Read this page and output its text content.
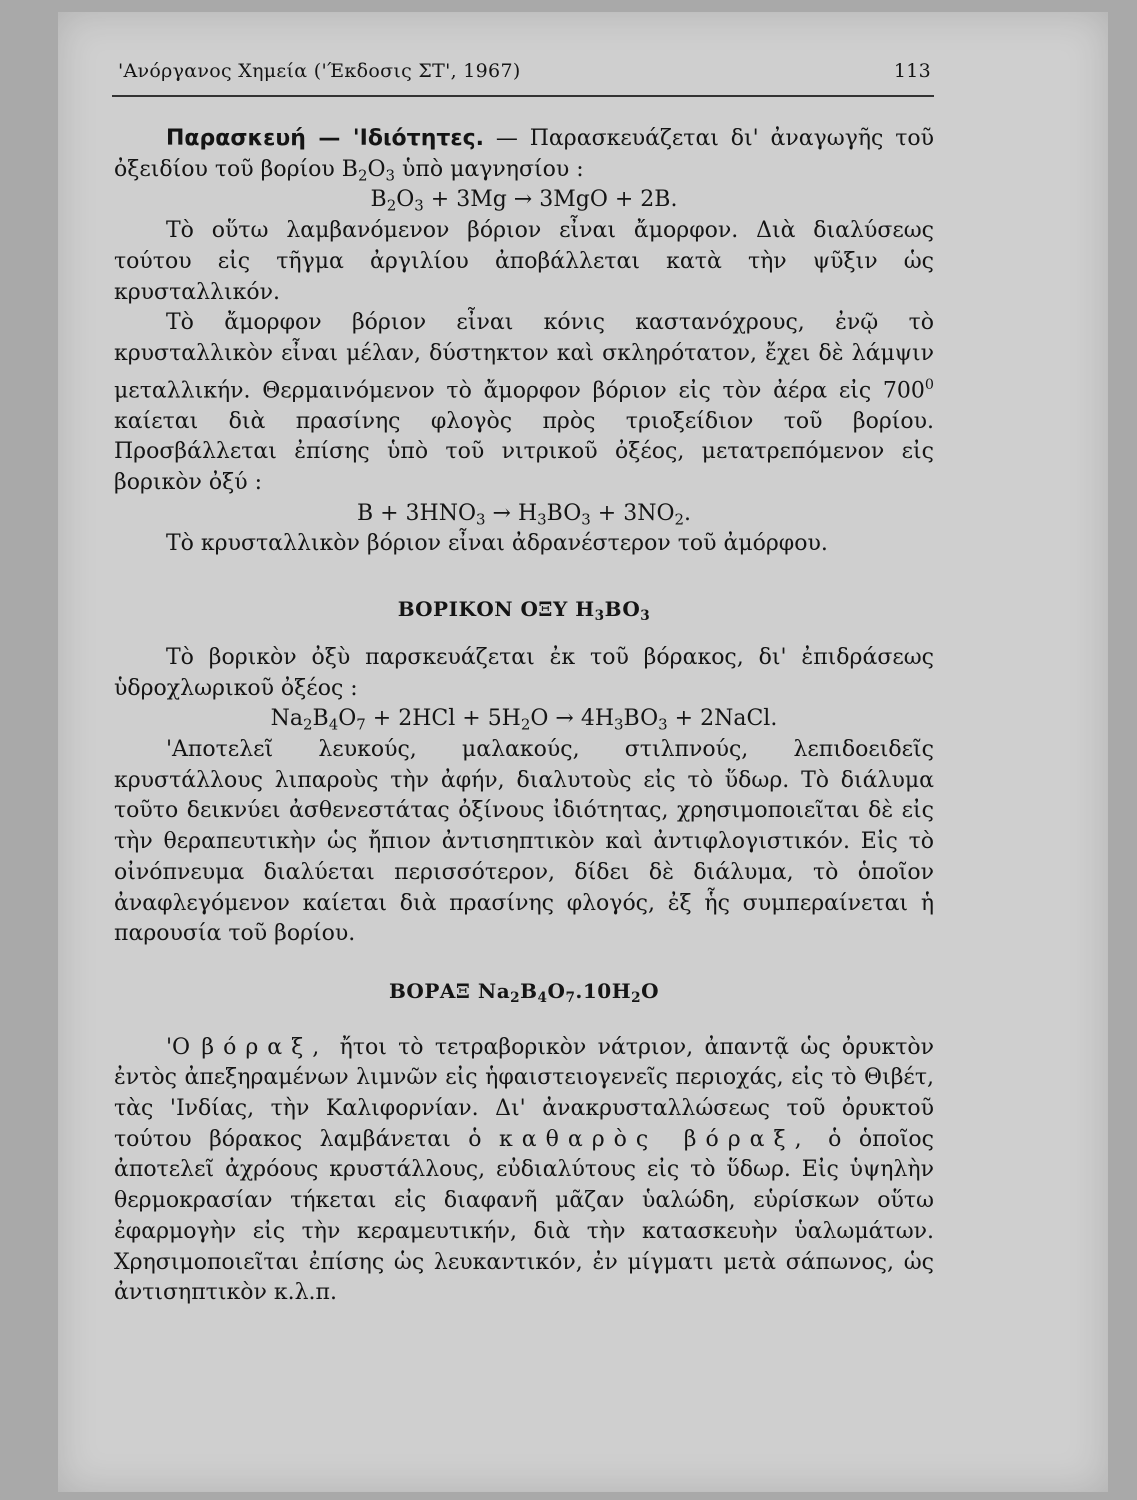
'Ανόργανος Χημεία ('Έκδοσις ΣΤ', 1967)	113

Παρασκευή — 'Ιδιότητες. — Παρασκευάζεται δι' ἀναγωγῆς τοῦ ὀξειδίου τοῦ βορίου $B_2O_3$ ὑπὸ μαγνησίου :

$B_2O_3 + 3Mg \to 3MgO + 2B$.

Τὸ οὕτω λαμβανόμενον βόριον εἶναι ἄμορφον. Διὰ διαλύσεως τούτου εἰς τῆγμα ἀργιλίου ἀποβάλλεται κατὰ τὴν ψῦξιν ὡς κρυσταλλικόν.

Τὸ ἄμορφον βόριον εἶναι κόνις καστανόχρους, ἐνῷ τὸ κρυσταλλικὸν εἶναι μέλαν, δύστηκτον καὶ σκληρότατον, ἔχει δὲ λάμψιν μεταλλικήν. Θερμαινόμενον τὸ ἄμορφον βόριον εἰς τὸν ἀέρα εἰς $700^0$ καίεται διὰ πρασίνης φλογὸς πρὸς τριοξείδιον τοῦ βορίου. Προσβάλλεται ἐπίσης ὑπὸ τοῦ νιτρικοῦ ὀξέος, μετατρεπόμενον εἰς βορικὸν ὀξύ :

$B + 3HNO_3 \to H_3BO_3 + 3NO_2$.

Τὸ κρυσταλλικὸν βόριον εἶναι ἀδρανέστερον τοῦ ἀμόρφου.

ΒΟΡΙΚΟΝ ΟΞΥ $H_3BO_3$

Τὸ βορικὸν ὀξὺ παρσκευάζεται ἐκ τοῦ βόρακος, δι' ἐπιδράσεως ὑδροχλωρικοῦ ὀξέος :

$Na_2B_4O_7 + 2HCl + 5H_2O \to 4H_3BO_3$ + 2NaCl.

'Αποτελεῖ λευκούς, μαλακούς, στιλπνούς, λεπιδοειδεῖς κρυστάλλους λιπαροὺς τὴν ἀφήν, διαλυτοὺς εἰς τὸ ὕδωρ. Τὸ διάλυμα τοῦτο δεικνύει ἀσθενεστάτας ὀξίνους ἰδιότητας, χρησιμοποιεῖται δὲ εἰς τὴν θεραπευτικὴν ὡς ἤπιον ἀντισηπτικὸν καὶ ἀντιφλογιστικόν. Εἰς τὸ οἰνόπνευμα διαλύεται περισσότερον, δίδει δὲ διάλυμα, τὸ ὁποῖον ἀναφλεγόμενον καίεται διὰ πρασίνης φλογός, ἐξ ἧς συμπεραίνεται ἡ παρουσία τοῦ βορίου.

ΒΟΡΑΞ $Na_2B_4O_7.10H_2O$

'Ο βόραξ, ἤτοι τὸ τετραβορικὸν νάτριον, ἀπαντᾷ ὡς ὀρυκτὸν ἐντὸς ἀπεξηραμένων λιμνῶν εἰς ἡφαιστειογενεῖς περιοχάς, εἰς τὸ Θιβέτ, τὰς 'Ινδίας, τὴν Καλιφορνίαν. Δι' ἀνακρυσταλλώσεως τοῦ ὀρυκτοῦ τούτου βόρακος λαμβάνεται ὁ καθαρὸς βόραξ, ὁ ὁποῖος ἀποτελεῖ ἀχρόους κρυστάλλους, εὐδιαλύτους εἰς τὸ ὕδωρ. Εἰς ὑψηλὴν θερμοκρασίαν τήκεται εἰς διαφανῆ μᾶζαν ὑαλώδη, εὑρίσκων οὕτω ἐφαρμογὴν εἰς τὴν κεραμευτικήν, διὰ τὴν κατασκευὴν ὑαλωμάτων. Χρησιμοποιεῖται ἐπίσης ὡς λευκαντικόν, ἐν μίγματι μετὰ σάπωνος, ὡς ἀντισηπτικὸν κ.λ.π.
